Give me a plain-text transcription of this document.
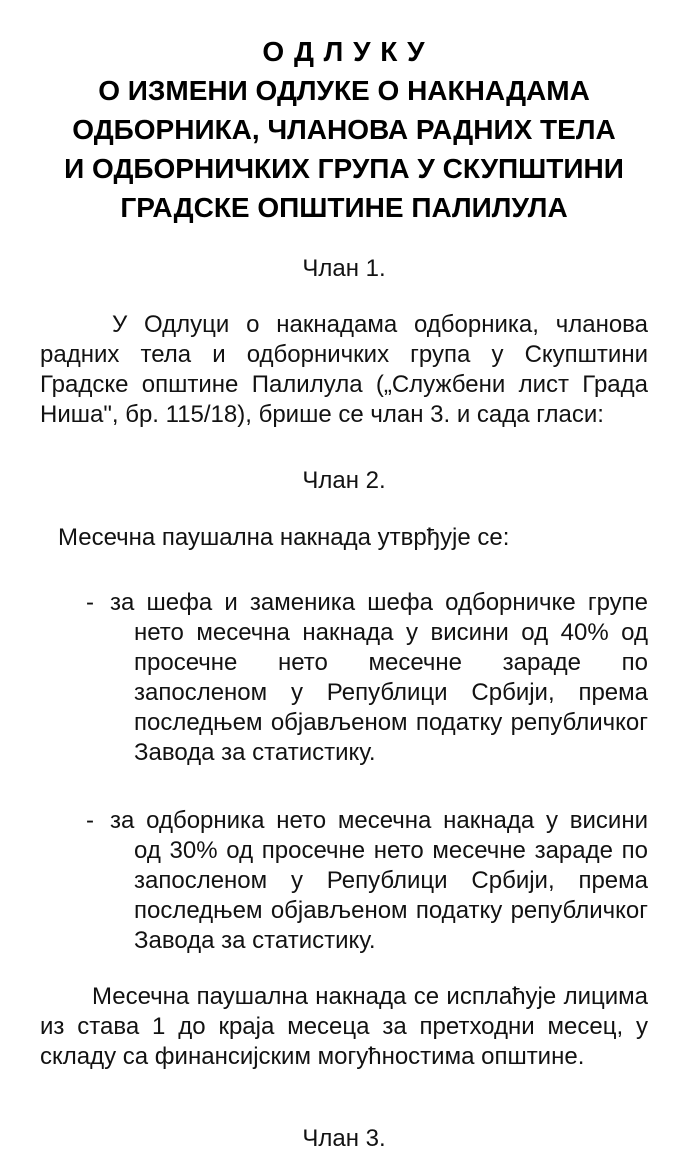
О Д Л У К У
О ИЗМЕНИ ОДЛУКЕ О НАКНАДАМА
ОДБОРНИКА, ЧЛАНОВА РАДНИХ ТЕЛА
И ОДБОРНИЧКИХ ГРУПА У СКУПШТИНИ
ГРАДСКЕ ОПШТИНЕ ПАЛИЛУЛА
Члан 1.

У Одлуци о накнадама одборника, чланова радних тела и одборничких група у Скупштини Градске општине Палилула („Службени лист Града Ниша", бр. 115/18), брише се члан 3. и сада гласи:

Члан 2.
Месечна паушална накнада утврђује се:
- за шефа и заменика шефа одборничке групе нето месечна накнада у висини од 40% од просечне нето месечне зараде по запосленом у Републици Србији, према последњем објављеном податку републичког Завода за статистику.
- за одборника нето месечна накнада у висини од 30% од просечне нето месечне зараде по запосленом у Републици Србији, према последњем објављеном податку републичког Завода за статистику.

Месечна паушална накнада се исплаћује лицима из става 1 до краја месеца за претходни месец, у складу са финансијским могућностима општине.

Члан 3.
